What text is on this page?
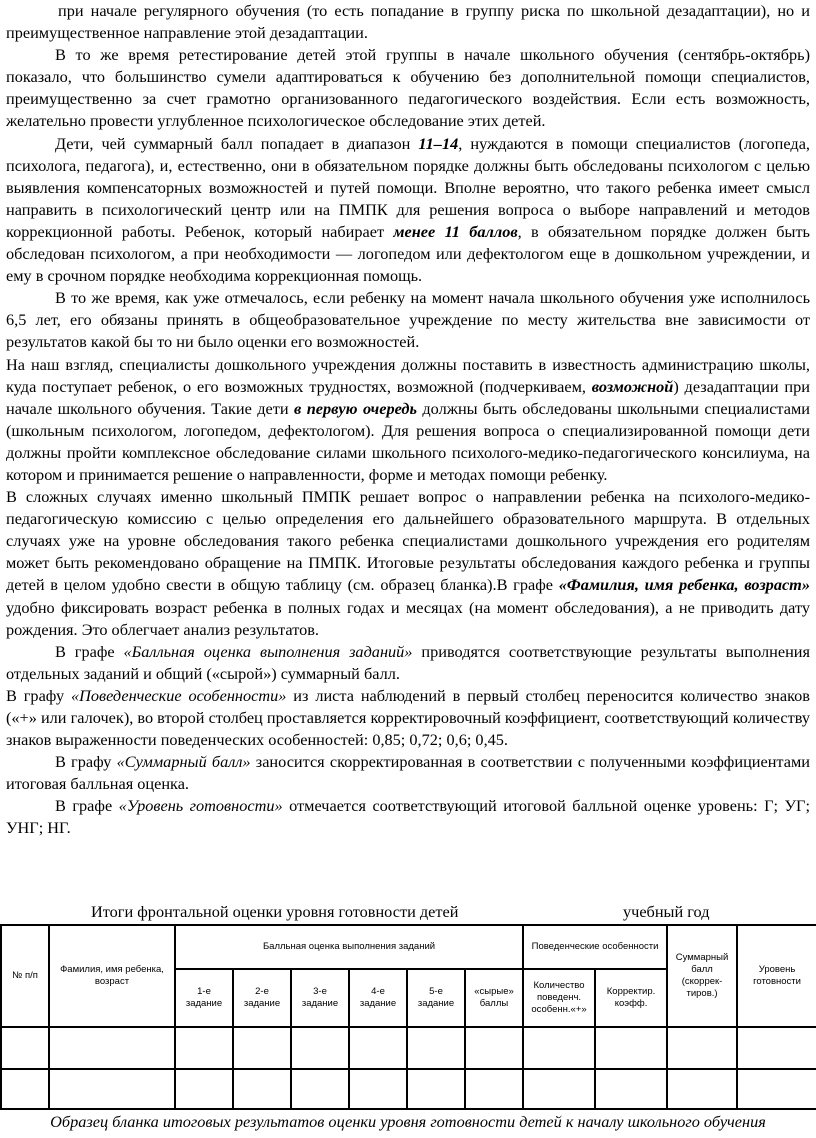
при начале регулярного обучения (то есть попадание в группу риска по школьной дезадаптации), но и преимущественное направление этой дезадаптации.

В то же время ретестирование детей этой группы в начале школьного обучения (сентябрь-октябрь) показало, что большинство сумели адаптироваться к обучению без дополнительной помощи специалистов, преимущественно за счет грамотно организованного педагогического воздействия. Если есть возможность, желательно провести углубленное психологическое обследование этих детей.

Дети, чей суммарный балл попадает в диапазон 11–14, нуждаются в помощи специалистов (логопеда, психолога, педагога), и, естественно, они в обязательном порядке должны быть обследованы психологом с целью выявления компенсаторных возможностей и путей помощи. Вполне вероятно, что такого ребенка имеет смысл направить в психологический центр или на ПМПК для решения вопроса о выборе направлений и методов коррекционной работы. Ребенок, который набирает менее 11 баллов, в обязательном порядке должен быть обследован психологом, а при необходимости — логопедом или дефектологом еще в дошкольном учреждении, и ему в срочном порядке необходима коррекционная помощь.

В то же время, как уже отмечалось, если ребенку на момент начала школьного обучения уже исполнилось 6,5 лет, его обязаны принять в общеобразовательное учреждение по месту жительства вне зависимости от результатов какой бы то ни было оценки его возможностей.

На наш взгляд, специалисты дошкольного учреждения должны поставить в известность администрацию школы, куда поступает ребенок, о его возможных трудностях, возможной (подчеркиваем, возможной) дезадаптации при начале школьного обучения. Такие дети в первую очередь должны быть обследованы школьными специалистами (школьным психологом, логопедом, дефектологом). Для решения вопроса о специализированной помощи дети должны пройти комплексное обследование силами школьного психолого-медико-педагогического консилиума, на котором и принимается решение о направленности, форме и методах помощи ребенку.

В сложных случаях именно школьный ПМПК решает вопрос о направлении ребенка на психолого-медико-педагогическую комиссию с целью определения его дальнейшего образовательного маршрута. В отдельных случаях уже на уровне обследования такого ребенка специалистами дошкольного учреждения его родителям может быть рекомендовано обращение на ПМПК. Итоговые результаты обследования каждого ребенка и группы детей в целом удобно свести в общую таблицу (см. образец бланка).В графе «Фамилия, имя ребенка, возраст» удобно фиксировать возраст ребенка в полных годах и месяцах (на момент обследования), а не приводить дату рождения. Это облегчает анализ результатов.

В графе «Балльная оценка выполнения заданий» приводятся соответствующие результаты выполнения отдельных заданий и общий («сырой») суммарный балл.

В графу «Поведенческие особенности» из листа наблюдений в первый столбец переносится количество знаков («+» или галочек), во второй столбец проставляется корректировочный коэффициент, соответствующий количеству знаков выраженности поведенческих особенностей: 0,85; 0,72; 0,6; 0,45.

В графу «Суммарный балл» заносится скорректированная в соответствии с полученными коэффициентами итоговая балльная оценка.

В графе «Уровень готовности» отмечается соответствующий итоговой балльной оценке уровень: Г; УГ; УНГ; НГ.

Итоги фронтальной оценки уровня готовности детей	учебный год
№ п/п	Фамилия, имя ребенка, возраст	Балльная оценка выполнения заданий						Поведенческие особенности		Суммарный балл (скоррек-тиров.)	Уровень готовности
		1-е задание	2-е задание	3-е задание	4-е задание	5-е задание	«сырые» баллы	Количество поведенч. особенн.«+»	Корректир. коэфф.		

Образец бланка итоговых результатов оценки уровня готовности детей к началу школьного обучения
